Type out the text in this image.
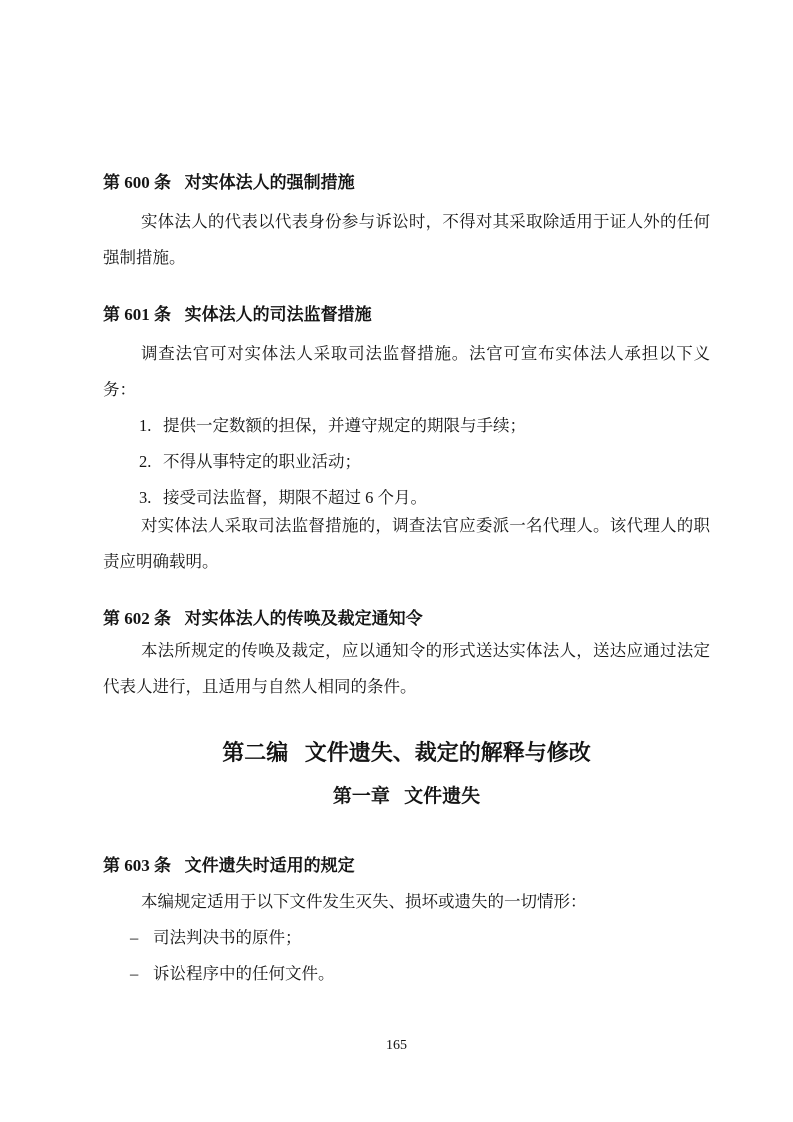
第 600 条 对实体法人的强制措施

实体法人的代表以代表身份参与诉讼时，不得对其采取除适用于证人外的任何强制措施。

第 601 条 实体法人的司法监督措施

调查法官可对实体法人采取司法监督措施。法官可宣布实体法人承担以下义务：

1. 提供一定数额的担保，并遵守规定的期限与手续；
2. 不得从事特定的职业活动；
3. 接受司法监督，期限不超过 6 个月。

对实体法人采取司法监督措施的，调查法官应委派一名代理人。该代理人的职责应明确载明。

第 602 条 对实体法人的传唤及裁定通知令

本法所规定的传唤及裁定，应以通知令的形式送达实体法人，送达应通过法定代表人进行，且适用与自然人相同的条件。

第二编 文件遗失、裁定的解释与修改
第一章 文件遗失
第 603 条 文件遗失时适用的规定

本编规定适用于以下文件发生灭失、损坏或遗失的一切情形：

– 司法判决书的原件；
– 诉讼程序中的任何文件。
165
